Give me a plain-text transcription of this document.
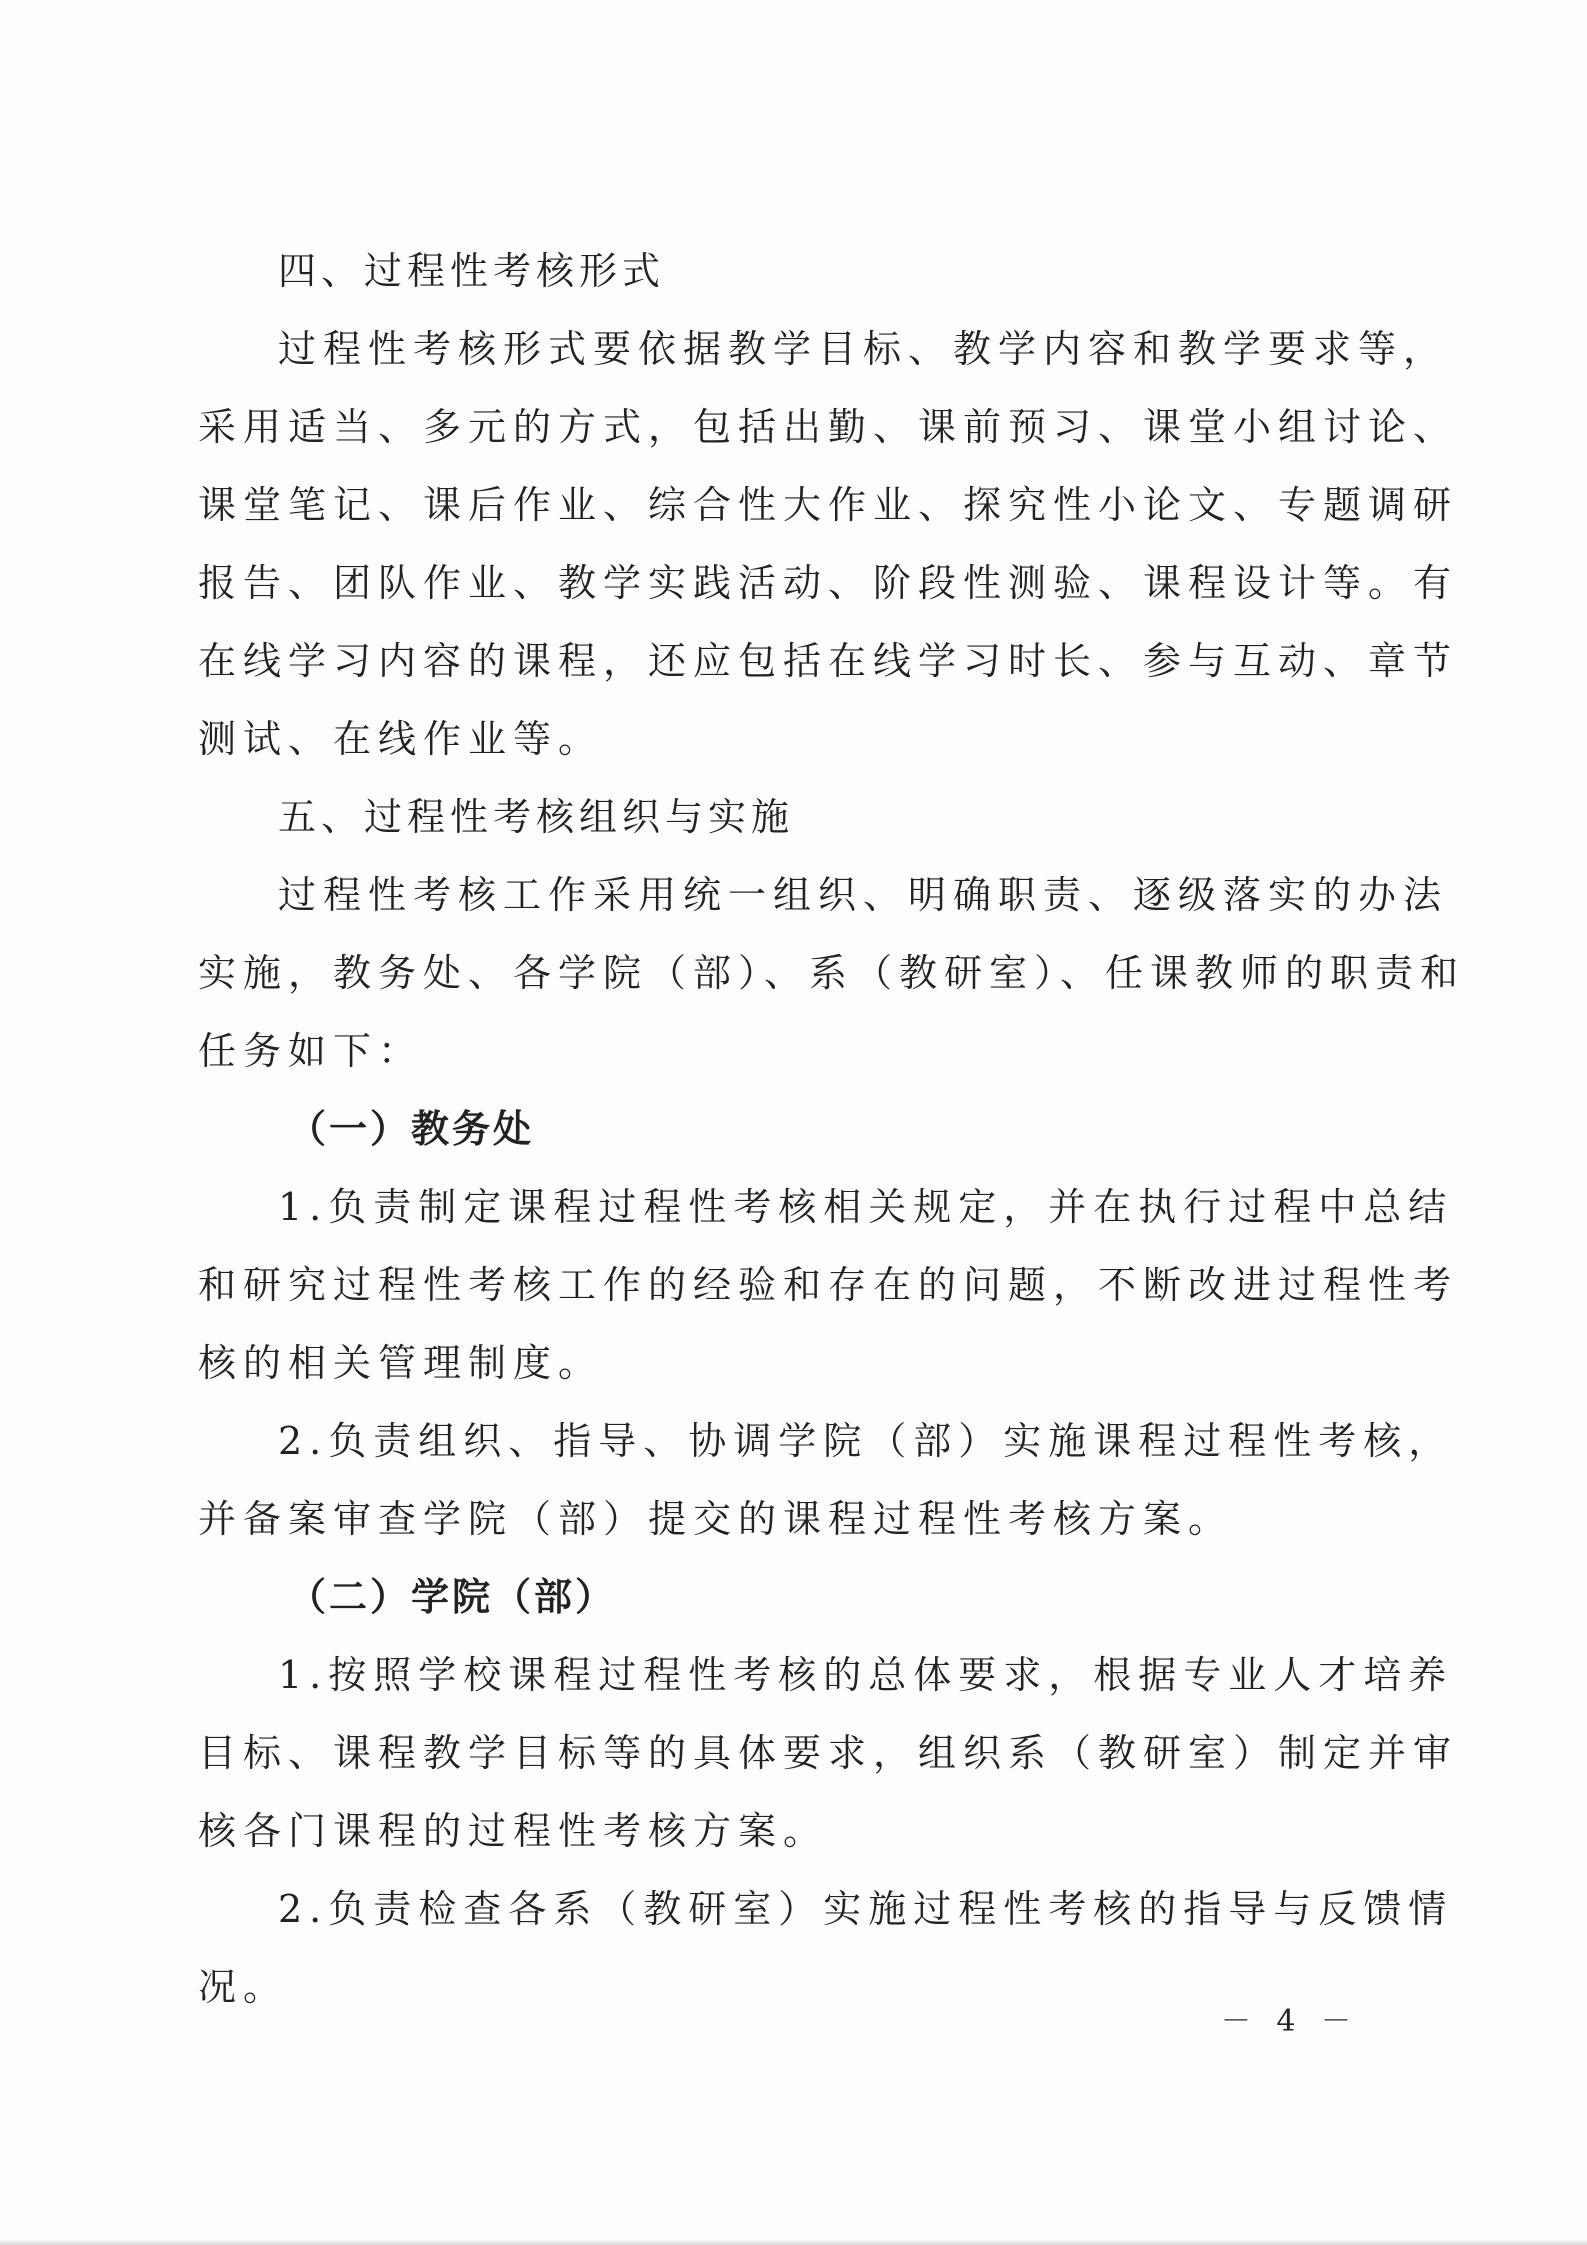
四、过程性考核形式
过程性考核形式要依据教学目标、教学内容和教学要求等，
采用适当、多元的方式，包括出勤、课前预习、课堂小组讨论、
课堂笔记、课后作业、综合性大作业、探究性小论文、专题调研
报告、团队作业、教学实践活动、阶段性测验、课程设计等。有
在线学习内容的课程，还应包括在线学习时长、参与互动、章节
测试、在线作业等。
五、过程性考核组织与实施
过程性考核工作采用统一组织、明确职责、逐级落实的办法
实施，教务处、各学院（部）、系（教研室）、任课教师的职责和
任务如下：
（一）教务处
1.负责制定课程过程性考核相关规定，并在执行过程中总结
和研究过程性考核工作的经验和存在的问题，不断改进过程性考
核的相关管理制度。
2.负责组织、指导、协调学院（部）实施课程过程性考核，
并备案审查学院（部）提交的课程过程性考核方案。
（二）学院（部）
1.按照学校课程过程性考核的总体要求，根据专业人才培养
目标、课程教学目标等的具体要求，组织系（教研室）制定并审
核各门课程的过程性考核方案。
2.负责检查各系（教研室）实施过程性考核的指导与反馈情
况。
－ 4 －
